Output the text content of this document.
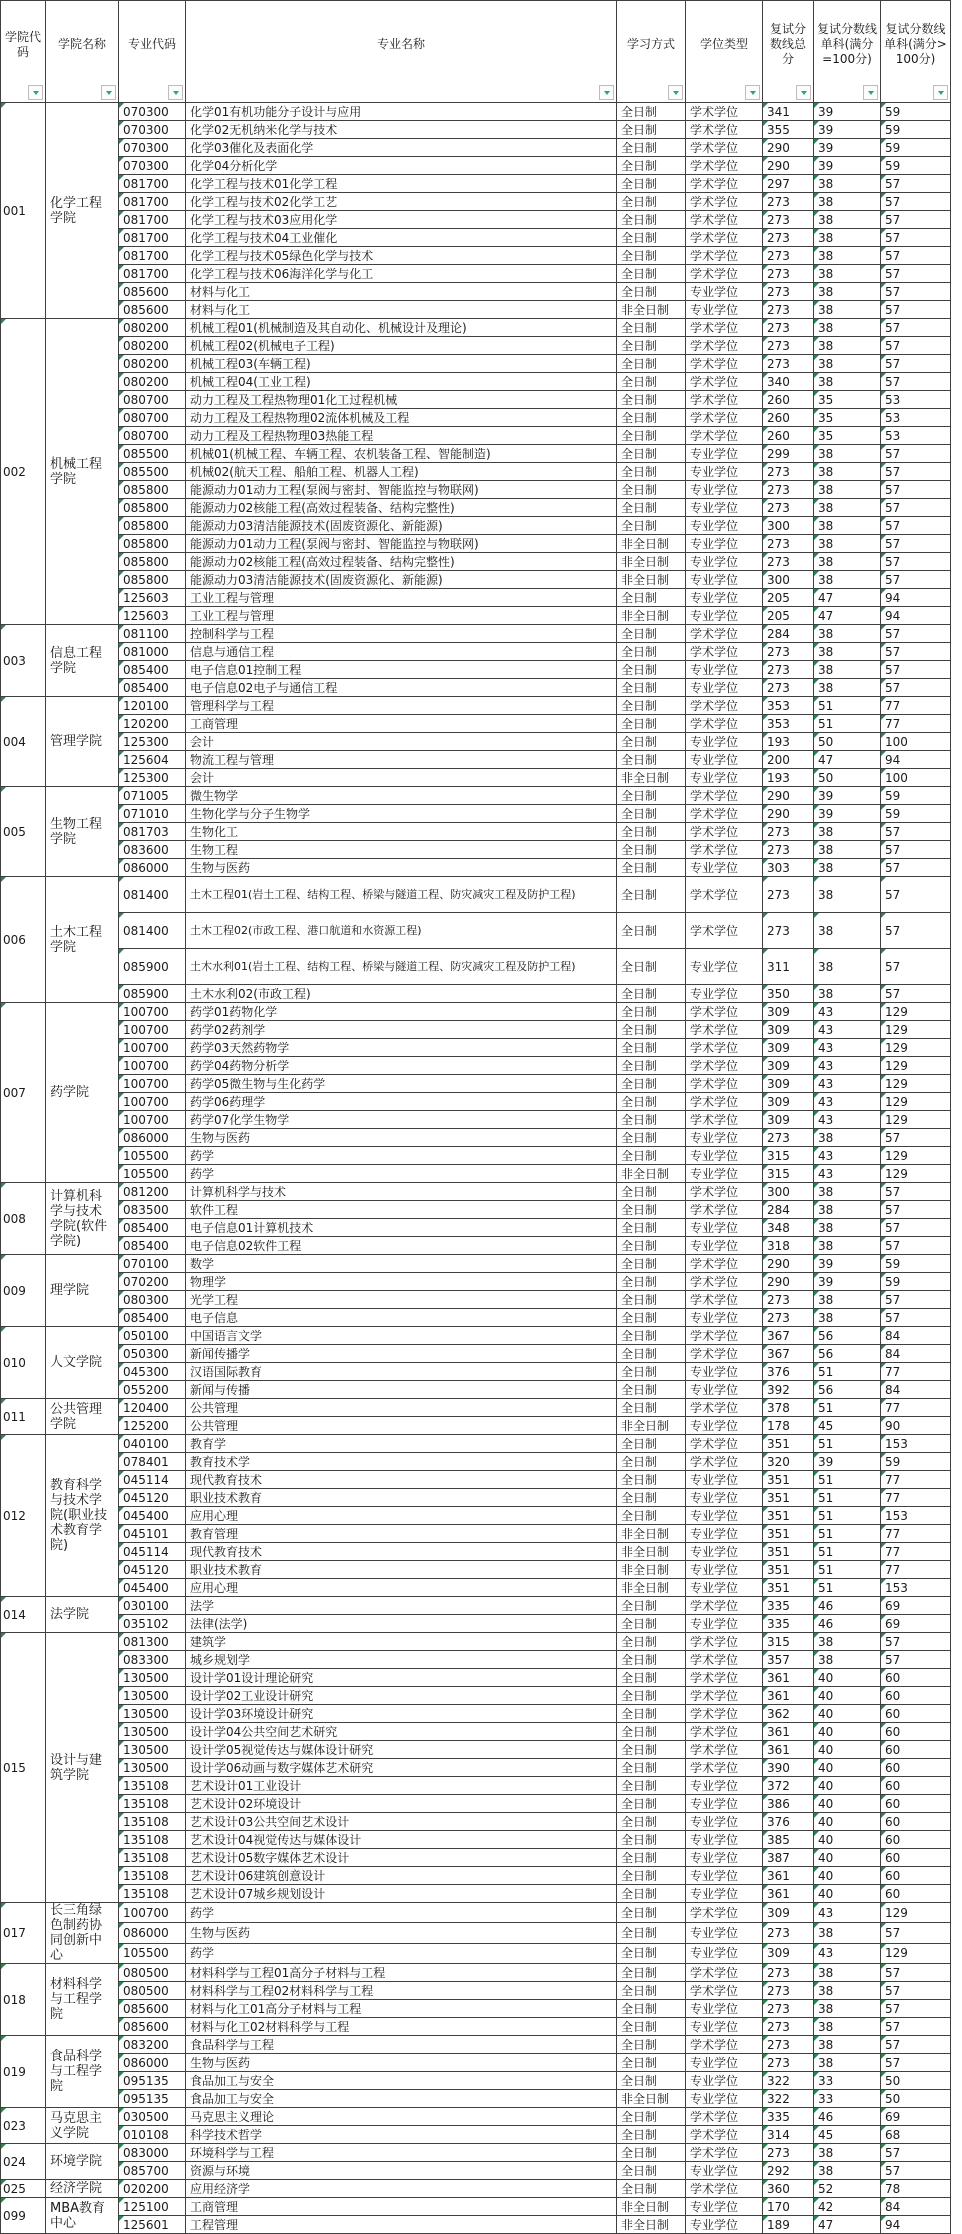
学院代码	学院名称	专业代码	专业名称	学习方式	学位类型	复试分数线总分	复试分数线单科(满分=100分)	复试分数线单科(满分>100分)

001	化学工程学院	070300	化学01有机功能分子设计与应用	全日制	学术学位	341	39	59
		070300	化学02无机纳米化学与技术	全日制	学术学位	355	39	59
		070300	化学03催化及表面化学	全日制	学术学位	290	39	59
		070300	化学04分析化学	全日制	学术学位	290	39	59
		081700	化学工程与技术01化学工程	全日制	学术学位	297	38	57
		081700	化学工程与技术02化学工艺	全日制	学术学位	273	38	57
		081700	化学工程与技术03应用化学	全日制	学术学位	273	38	57
		081700	化学工程与技术04工业催化	全日制	学术学位	273	38	57
		081700	化学工程与技术05绿色化学与技术	全日制	学术学位	273	38	57
		081700	化学工程与技术06海洋化学与化工	全日制	学术学位	273	38	57
		085600	材料与化工	全日制	专业学位	273	38	57
		085600	材料与化工	非全日制	专业学位	273	38	57
002	机械工程学院	080200	机械工程01(机械制造及其自动化、机械设计及理论)	全日制	学术学位	273	38	57
		080200	机械工程02(机械电子工程)	全日制	学术学位	273	38	57
		080200	机械工程03(车辆工程)	全日制	学术学位	273	38	57
		080200	机械工程04(工业工程)	全日制	学术学位	340	38	57
		080700	动力工程及工程热物理01化工过程机械	全日制	学术学位	260	35	53
		080700	动力工程及工程热物理02流体机械及工程	全日制	学术学位	260	35	53
		080700	动力工程及工程热物理03热能工程	全日制	学术学位	260	35	53
		085500	机械01(机械工程、车辆工程、农机装备工程、智能制造)	全日制	专业学位	299	38	57
		085500	机械02(航天工程、船舶工程、机器人工程)	全日制	专业学位	273	38	57
		085800	能源动力01动力工程(泵阀与密封、智能监控与物联网)	全日制	专业学位	273	38	57
		085800	能源动力02核能工程(高效过程装备、结构完整性)	全日制	专业学位	273	38	57
		085800	能源动力03清洁能源技术(固废资源化、新能源)	全日制	专业学位	300	38	57
		085800	能源动力01动力工程(泵阀与密封、智能监控与物联网)	非全日制	专业学位	273	38	57
		085800	能源动力02核能工程(高效过程装备、结构完整性)	非全日制	专业学位	273	38	57
		085800	能源动力03清洁能源技术(固废资源化、新能源)	非全日制	专业学位	300	38	57
		125603	工业工程与管理	全日制	专业学位	205	47	94
		125603	工业工程与管理	非全日制	专业学位	205	47	94
003	信息工程学院	081100	控制科学与工程	全日制	学术学位	284	38	57
		081000	信息与通信工程	全日制	学术学位	273	38	57
		085400	电子信息01控制工程	全日制	专业学位	273	38	57
		085400	电子信息02电子与通信工程	全日制	专业学位	273	38	57
004	管理学院	120100	管理科学与工程	全日制	学术学位	353	51	77
		120200	工商管理	全日制	学术学位	353	51	77
		125300	会计	全日制	专业学位	193	50	100
		125604	物流工程与管理	全日制	专业学位	200	47	94
		125300	会计	非全日制	专业学位	193	50	100
005	生物工程学院	071005	微生物学	全日制	学术学位	290	39	59
		071010	生物化学与分子生物学	全日制	学术学位	290	39	59
		081703	生物化工	全日制	学术学位	273	38	57
		083600	生物工程	全日制	学术学位	273	38	57
		086000	生物与医药	全日制	专业学位	303	38	57
006	土木工程学院	081400	土木工程01(岩土工程、结构工程、桥梁与隧道工程、防灾减灾工程及防护工程)	全日制	学术学位	273	38	57
		081400	土木工程02(市政工程、港口航道和水资源工程)	全日制	学术学位	273	38	57
		085900	土木水利01(岩土工程、结构工程、桥梁与隧道工程、防灾减灾工程及防护工程)	全日制	专业学位	311	38	57
		085900	土木水利02(市政工程)	全日制	专业学位	350	38	57
007	药学院	100700	药学01药物化学	全日制	学术学位	309	43	129
		100700	药学02药剂学	全日制	学术学位	309	43	129
		100700	药学03天然药物学	全日制	学术学位	309	43	129
		100700	药学04药物分析学	全日制	学术学位	309	43	129
		100700	药学05微生物与生化药学	全日制	学术学位	309	43	129
		100700	药学06药理学	全日制	学术学位	309	43	129
		100700	药学07化学生物学	全日制	学术学位	309	43	129
		086000	生物与医药	全日制	专业学位	273	38	57
		105500	药学	全日制	专业学位	315	43	129
		105500	药学	非全日制	专业学位	315	43	129
008	计算机科学与技术学院(软件学院)	081200	计算机科学与技术	全日制	学术学位	300	38	57
		083500	软件工程	全日制	学术学位	284	38	57
		085400	电子信息01计算机技术	全日制	专业学位	348	38	57
		085400	电子信息02软件工程	全日制	专业学位	318	38	57
009	理学院	070100	数学	全日制	学术学位	290	39	59
		070200	物理学	全日制	学术学位	290	39	59
		080300	光学工程	全日制	学术学位	273	38	57
		085400	电子信息	全日制	专业学位	273	38	57
010	人文学院	050100	中国语言文学	全日制	学术学位	367	56	84
		050300	新闻传播学	全日制	学术学位	367	56	84
		045300	汉语国际教育	全日制	专业学位	376	51	77
		055200	新闻与传播	全日制	专业学位	392	56	84
011	公共管理学院	120400	公共管理	全日制	学术学位	378	51	77
		125200	公共管理	非全日制	专业学位	178	45	90
012	教育科学与技术学院(职业技术教育学院)	040100	教育学	全日制	学术学位	351	51	153
		078401	教育技术学	全日制	学术学位	320	39	59
		045114	现代教育技术	全日制	专业学位	351	51	77
		045120	职业技术教育	全日制	专业学位	351	51	77
		045400	应用心理	全日制	专业学位	351	51	153
		045101	教育管理	非全日制	专业学位	351	51	77
		045114	现代教育技术	非全日制	专业学位	351	51	77
		045120	职业技术教育	非全日制	专业学位	351	51	77
		045400	应用心理	非全日制	专业学位	351	51	153
014	法学院	030100	法学	全日制	学术学位	335	46	69
		035102	法律(法学)	全日制	专业学位	335	46	69
015	设计与建筑学院	081300	建筑学	全日制	学术学位	315	38	57
		083300	城乡规划学	全日制	学术学位	357	38	57
		130500	设计学01设计理论研究	全日制	学术学位	361	40	60
		130500	设计学02工业设计研究	全日制	学术学位	361	40	60
		130500	设计学03环境设计研究	全日制	学术学位	362	40	60
		130500	设计学04公共空间艺术研究	全日制	学术学位	361	40	60
		130500	设计学05视觉传达与媒体设计研究	全日制	学术学位	361	40	60
		130500	设计学06动画与数字媒体艺术研究	全日制	学术学位	390	40	60
		135108	艺术设计01工业设计	全日制	专业学位	372	40	60
		135108	艺术设计02环境设计	全日制	专业学位	386	40	60
		135108	艺术设计03公共空间艺术设计	全日制	专业学位	376	40	60
		135108	艺术设计04视觉传达与媒体设计	全日制	专业学位	385	40	60
		135108	艺术设计05数字媒体艺术设计	全日制	专业学位	387	40	60
		135108	艺术设计06建筑创意设计	全日制	专业学位	361	40	60
		135108	艺术设计07城乡规划设计	全日制	专业学位	361	40	60
017	长三角绿色制药协同创新中心	100700	药学	全日制	学术学位	309	43	129
		086000	生物与医药	全日制	专业学位	273	38	57
		105500	药学	全日制	专业学位	309	43	129
018	材料科学与工程学院	080500	材料科学与工程01高分子材料与工程	全日制	学术学位	273	38	57
		080500	材料科学与工程02材料科学与工程	全日制	学术学位	273	38	57
		085600	材料与化工01高分子材料与工程	全日制	专业学位	273	38	57
		085600	材料与化工02材料科学与工程	全日制	专业学位	273	38	57
019	食品科学与工程学院	083200	食品科学与工程	全日制	学术学位	273	38	57
		086000	生物与医药	全日制	专业学位	273	38	57
		095135	食品加工与安全	全日制	专业学位	322	33	50
		095135	食品加工与安全	非全日制	专业学位	322	33	50
023	马克思主义学院	030500	马克思主义理论	全日制	学术学位	335	46	69
		010108	科学技术哲学	全日制	学术学位	314	45	68
024	环境学院	083000	环境科学与工程	全日制	学术学位	273	38	57
		085700	资源与环境	全日制	专业学位	292	38	57
025	经济学院	020200	应用经济学	全日制	学术学位	360	52	78
099	MBA教育中心	125100	工商管理	非全日制	专业学位	170	42	84
		125601	工程管理	非全日制	专业学位	189	47	94
